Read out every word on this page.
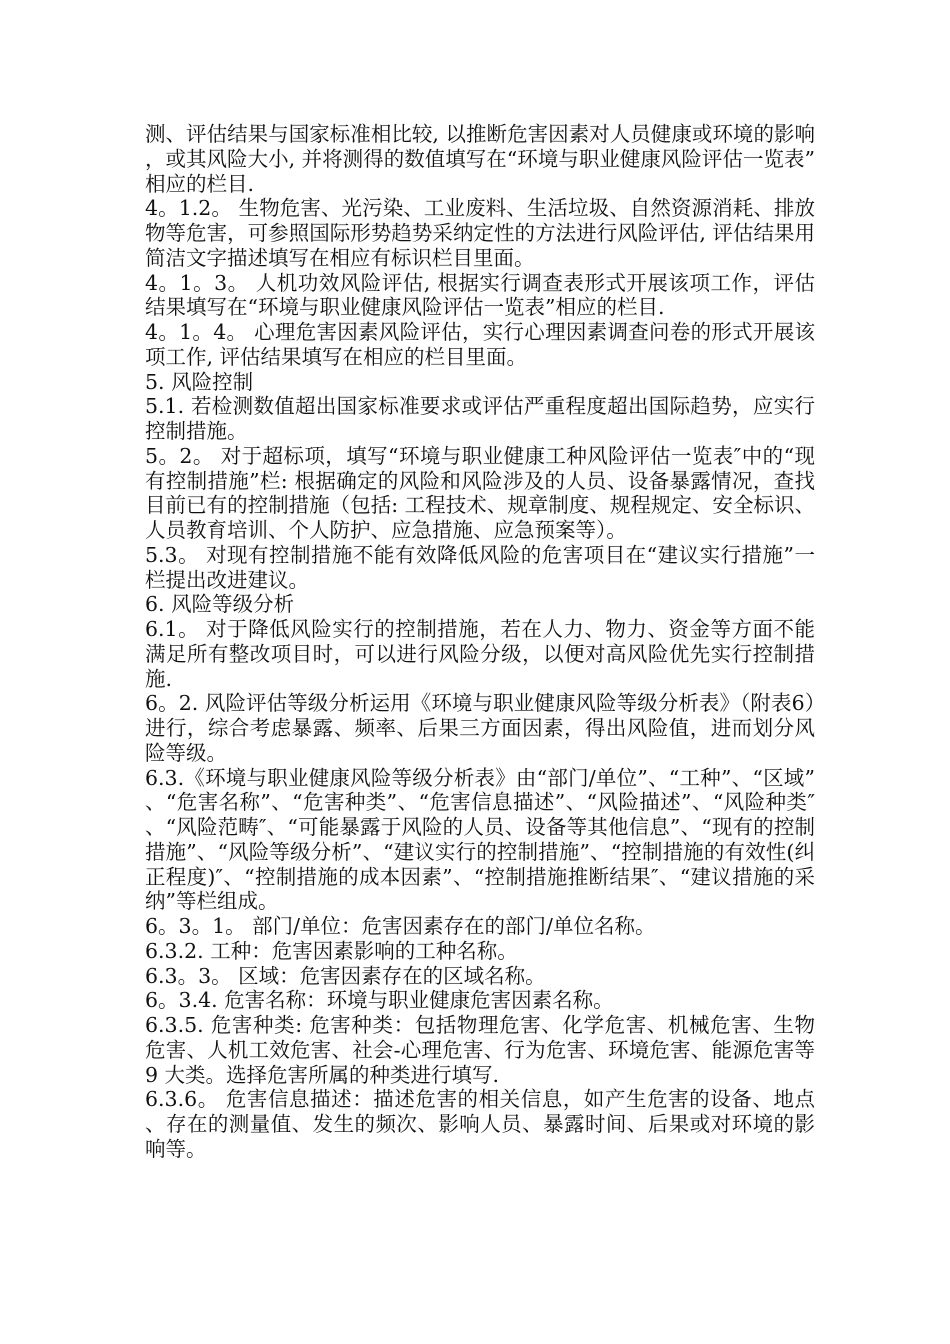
测、评估结果与国家标准相比较, 以推断危害因素对人员健康或环境的影响，或其风险大小, 并将测得的数值填写在“环境与职业健康风险评估一览表”相应的栏目.

4。1.2。 生物危害、光污染、工业废料、生活垃圾、自然资源消耗、排放物等危害，可参照国际形势趋势采纳定性的方法进行风险评估, 评估结果用简洁文字描述填写在相应有标识栏目里面。

4。1。3。 人机功效风险评估, 根据实行调查表形式开展该项工作，评估结果填写在“环境与职业健康风险评估一览表”相应的栏目.

4。1。4。 心理危害因素风险评估，实行心理因素调查问卷的形式开展该项工作, 评估结果填写在相应的栏目里面。

5. 风险控制

5.1. 若检测数值超出国家标准要求或评估严重程度超出国际趋势，应实行控制措施。

5。2。 对于超标项，填写“环境与职业健康工种风险评估一览表″中的“现有控制措施”栏: 根据确定的风险和风险涉及的人员、设备暴露情况，查找目前已有的控制措施（包括: 工程技术、规章制度、规程规定、安全标识、人员教育培训、个人防护、应急措施、应急预案等）。

5.3。 对现有控制措施不能有效降低风险的危害项目在“建议实行措施”一栏提出改进建议。

6. 风险等级分析

6.1。 对于降低风险实行的控制措施，若在人力、物力、资金等方面不能满足所有整改项目时，可以进行风险分级，以便对高风险优先实行控制措施.

6。2. 风险评估等级分析运用《环境与职业健康风险等级分析表》（附表6）进行，综合考虑暴露、频率、后果三方面因素，得出风险值，进而划分风险等级。

6.3.《环境与职业健康风险等级分析表》由“部门/单位”、“工种”、“区域”、“危害名称”、“危害种类”、“危害信息描述”、“风险描述”、“风险种类″、“风险范畴″、“可能暴露于风险的人员、设备等其他信息”、“现有的控制措施”、“风险等级分析”、“建议实行的控制措施”、“控制措施的有效性(纠正程度)″、“控制措施的成本因素”、“控制措施推断结果″、“建议措施的采纳”等栏组成。

6。3。1。 部门/单位：危害因素存在的部门/单位名称。

6.3.2. 工种：危害因素影响的工种名称。

6.3。3。 区域：危害因素存在的区域名称。

6。3.4. 危害名称：环境与职业健康危害因素名称。

6.3.5. 危害种类: 危害种类：包括物理危害、化学危害、机械危害、生物危害、人机工效危害、社会-心理危害、行为危害、环境危害、能源危害等9 大类。选择危害所属的种类进行填写.

6.3.6。 危害信息描述：描述危害的相关信息，如产生危害的设备、地点、存在的测量值、发生的频次、影响人员、暴露时间、后果或对环境的影响等。
